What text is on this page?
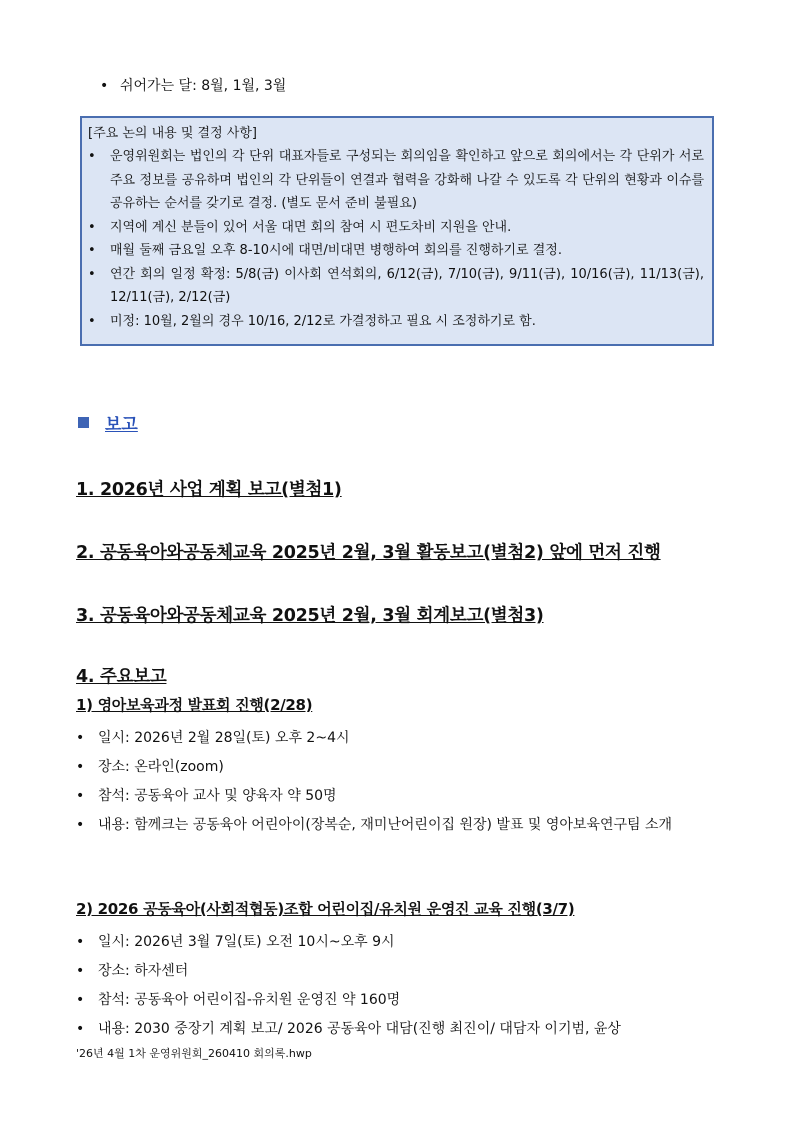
• 쉬어가는 달: 8월, 1월, 3월
[주요 논의 내용 및 결정 사항]
•	운영위원회는 법인의 각 단위 대표자들로 구성되는 회의임을 확인하고 앞으로 회의에서는 각 단위가 서로 주요 정보를 공유하며 법인의 각 단위들이 연결과 협력을 강화해 나갈 수 있도록 각 단위의 현황과 이슈를 공유하는 순서를 갖기로 결정. (별도 문서 준비 불필요)
•	지역에 계신 분들이 있어 서울 대면 회의 참여 시 편도차비 지원을 안내.
•	매월 둘째 금요일 오후 8-10시에 대면/비대면 병행하여 회의를 진행하기로 결정.
•	연간 회의 일정 확정: 5/8(금) 이사회 연석회의, 6/12(금), 7/10(금), 9/11(금), 10/16(금), 11/13(금), 12/11(금), 2/12(금)
•	미정: 10월, 2월의 경우 10/16, 2/12로 가결정하고 필요 시 조정하기로 함.
보고
1. 2026년 사업 계획 보고(별첨1)
2. 공동육아와공동체교육 2025년 2월, 3월 활동보고(별첨2) 앞에 먼저 진행
3. 공동육아와공동체교육 2025년 2월, 3월 회계보고(별첨3)
4. 주요보고
1) 영아보육과정 발표회 진행(2/28)
• 일시: 2026년 2월 28일(토) 오후 2~4시
• 장소: 온라인(zoom)
• 참석: 공동육아 교사 및 양육자 약 50명
• 내용: 함께크는 공동육아 어린아이(장복순, 재미난어린이집 원장) 발표 및 영아보육연구팀 소개
2) 2026 공동육아(사회적협동)조합 어린이집/유치원 운영진 교육 진행(3/7)
• 일시: 2026년 3월 7일(토) 오전 10시~오후 9시
• 장소: 하자센터
• 참석: 공동육아 어린이집-유치원 운영진 약 160명
• 내용: 2030 중장기 계획 보고/ 2026 공동육아 대담(진행 최진이/ 대담자 이기범, 윤상
'26년 4월 1차 운영위원회_260410 회의록.hwp
